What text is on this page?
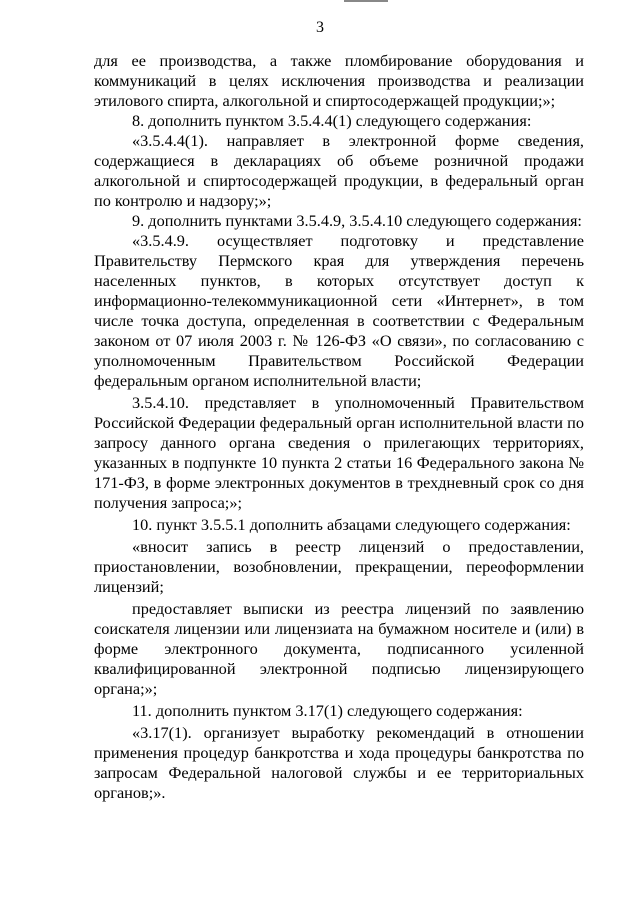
3

для ее производства, а также пломбирование оборудования и коммуникаций в целях исключения производства и реализации этилового спирта, алкогольной и спиртосодержащей продукции;»;

8. дополнить пунктом 3.5.4.4(1) следующего содержания:

«3.5.4.4(1). направляет в электронной форме сведения, содержащиеся в декларациях об объеме розничной продажи алкогольной и спиртосодержащей продукции, в федеральный орган по контролю и надзору;»;

9. дополнить пунктами 3.5.4.9, 3.5.4.10 следующего содержания:

«3.5.4.9. осуществляет подготовку и представление Правительству Пермского края для утверждения перечень населенных пунктов, в которых отсутствует доступ к информационно-телекоммуникационной сети «Интернет», в том числе точка доступа, определенная в соответствии с Федеральным законом от 07 июля 2003 г. № 126-ФЗ «О связи», по согласованию с уполномоченным Правительством Российской Федерации федеральным органом исполнительной власти;

3.5.4.10. представляет в уполномоченный Правительством Российской Федерации федеральный орган исполнительной власти по запросу данного органа сведения о прилегающих территориях, указанных в подпункте 10 пункта 2 статьи 16 Федерального закона № 171-ФЗ, в форме электронных документов в трехдневный срок со дня получения запроса;»;

10. пункт 3.5.5.1 дополнить абзацами следующего содержания:

«вносит запись в реестр лицензий о предоставлении, приостановлении, возобновлении, прекращении, переоформлении лицензий;

предоставляет выписки из реестра лицензий по заявлению соискателя лицензии или лицензиата на бумажном носителе и (или) в форме электронного документа, подписанного усиленной квалифицированной электронной подписью лицензирующего органа;»;

11. дополнить пунктом 3.17(1) следующего содержания:

«3.17(1). организует выработку рекомендаций в отношении применения процедур банкротства и хода процедуры банкротства по запросам Федеральной налоговой службы и ее территориальных органов;».
